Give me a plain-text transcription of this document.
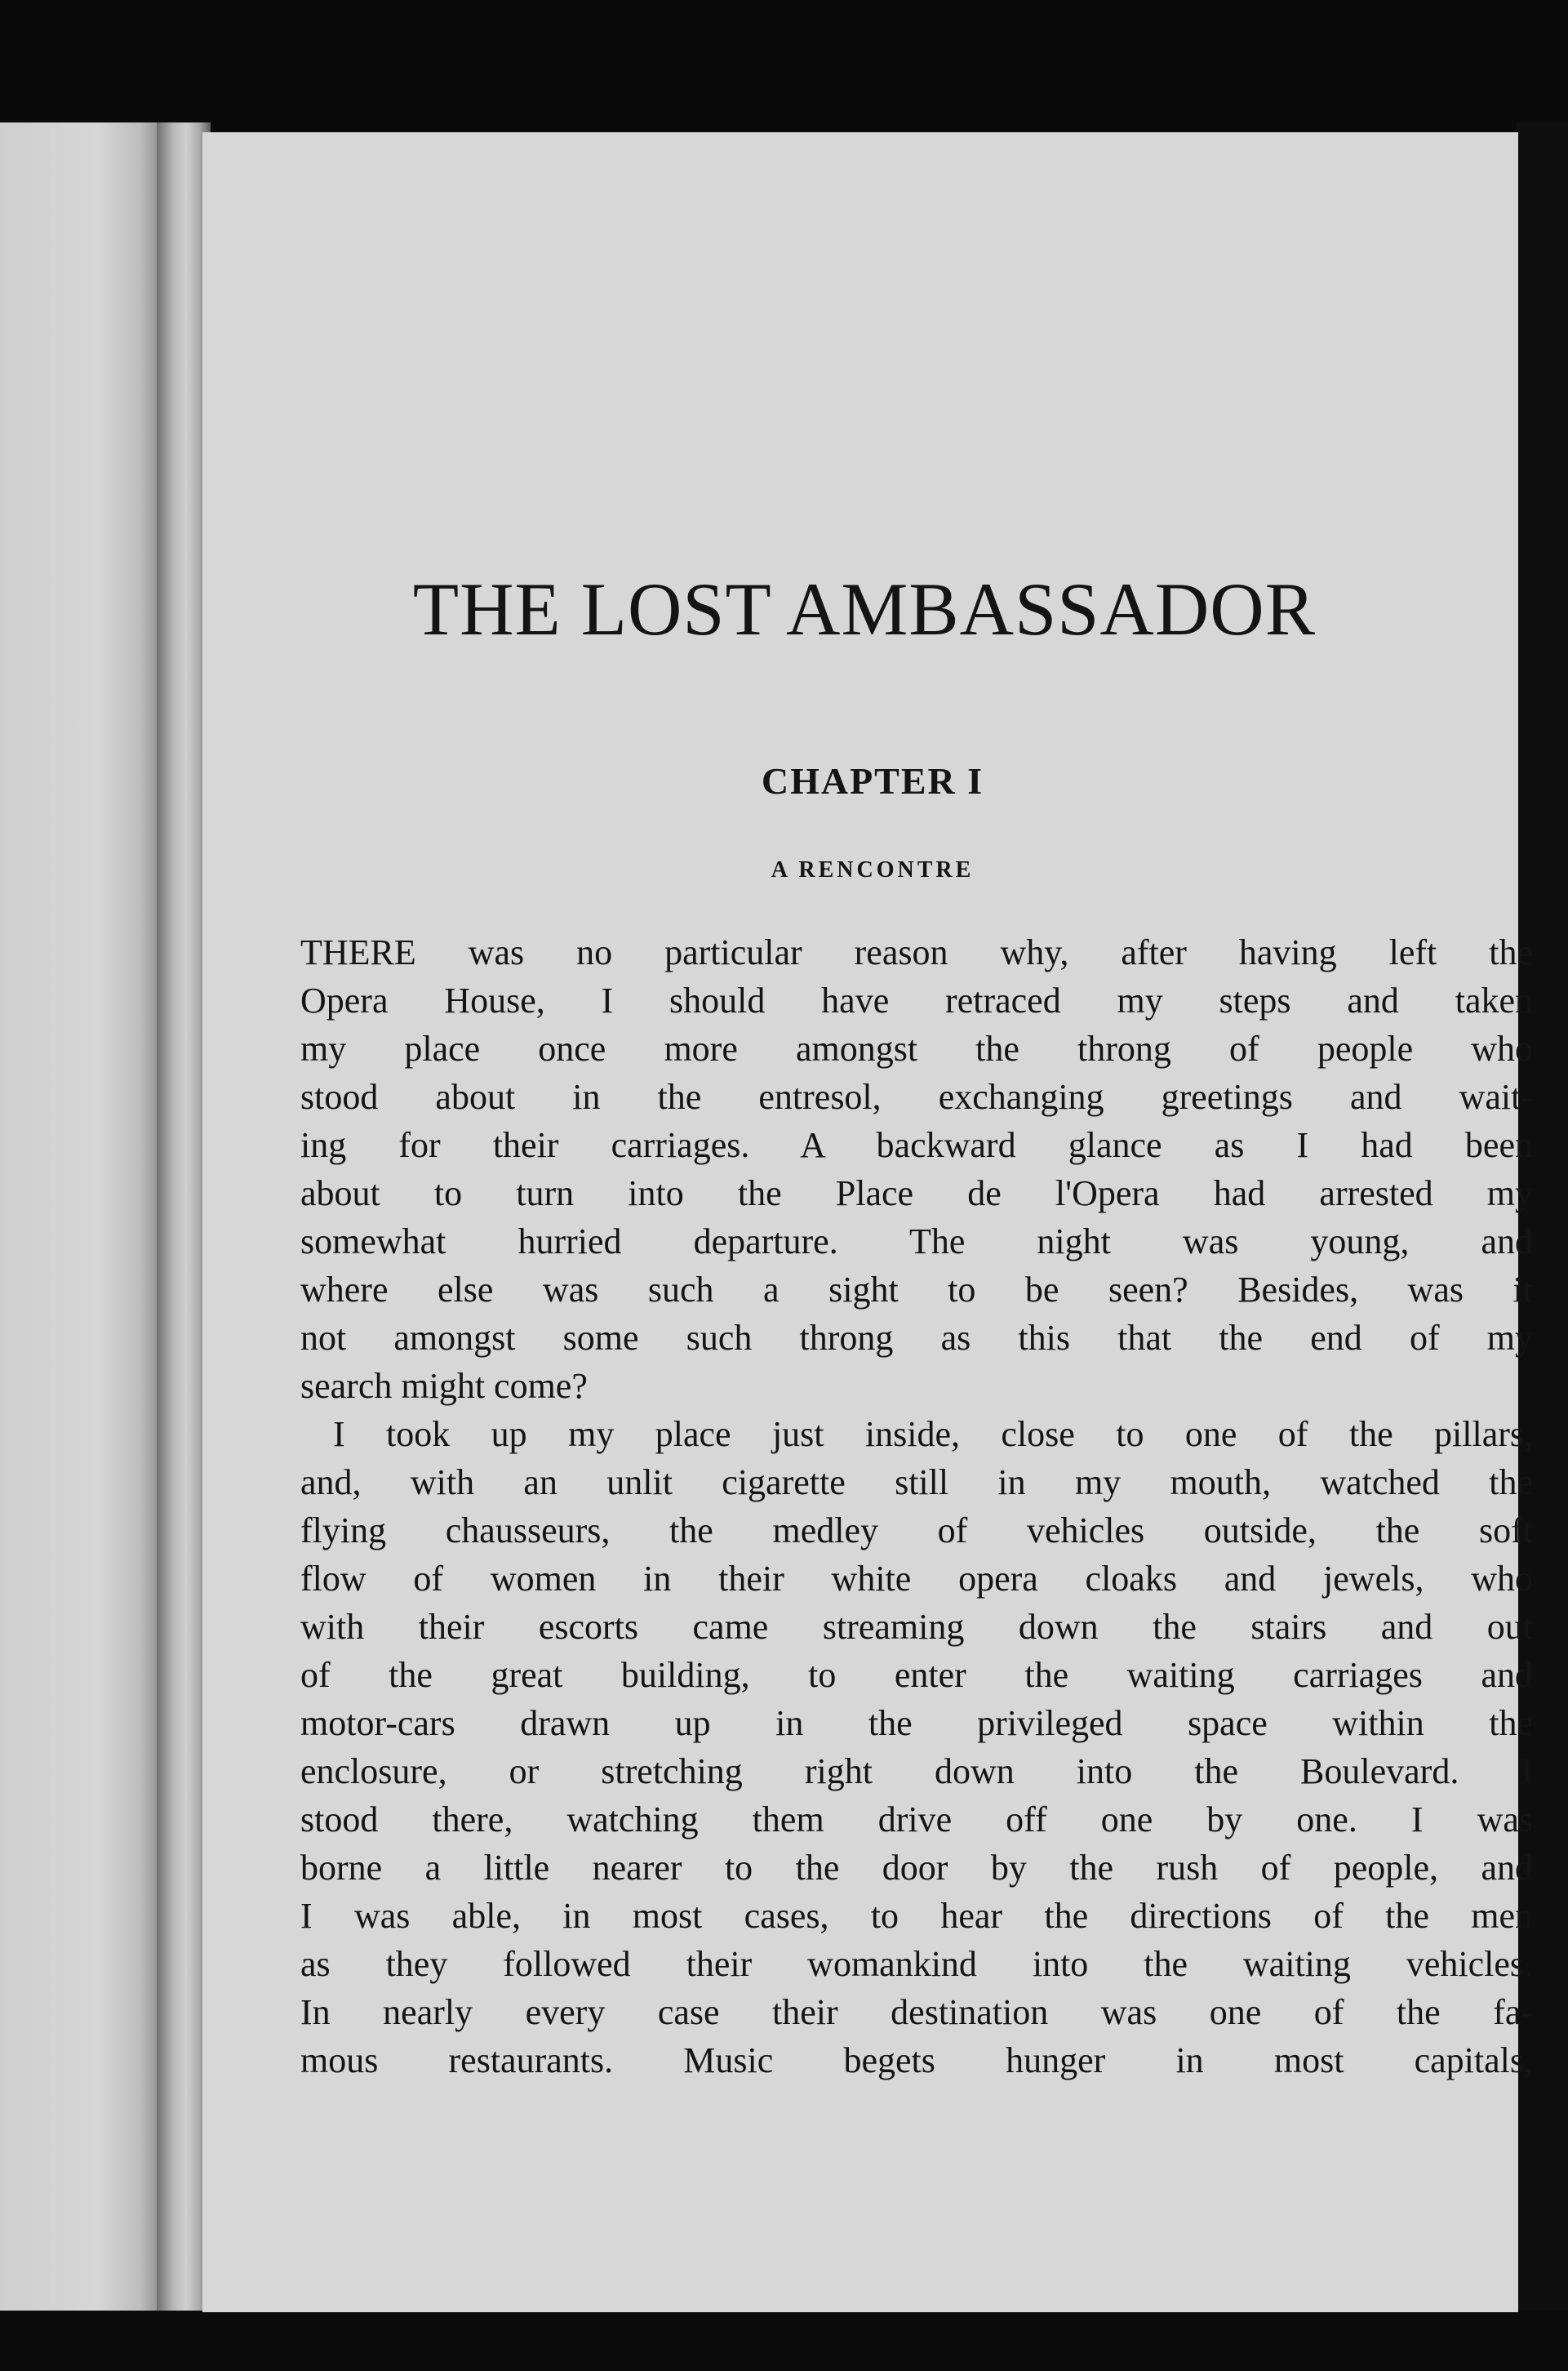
THE LOST AMBASSADOR
CHAPTER I
A RENCONTRE
THERE was no particular reason why, after having left the
Opera House, I should have retraced my steps and taken
my place once more amongst the throng of people who
stood about in the entresol, exchanging greetings and wait-
ing for their carriages. A backward glance as I had been
about to turn into the Place de l'Opera had arrested my
somewhat hurried departure. The night was young, and
where else was such a sight to be seen? Besides, was it
not amongst some such throng as this that the end of my
search might come?
I took up my place just inside, close to one of the pillars,
and, with an unlit cigarette still in my mouth, watched the
flying chausseurs, the medley of vehicles outside, the soft
flow of women in their white opera cloaks and jewels, who
with their escorts came streaming down the stairs and out
of the great building, to enter the waiting carriages and
motor-cars drawn up in the privileged space within the
enclosure, or stretching right down into the Boulevard. I
stood there, watching them drive off one by one. I was
borne a little nearer to the door by the rush of people, and
I was able, in most cases, to hear the directions of the men
as they followed their womankind into the waiting vehicles.
In nearly every case their destination was one of the fa-
mous restaurants. Music begets hunger in most capitals,
